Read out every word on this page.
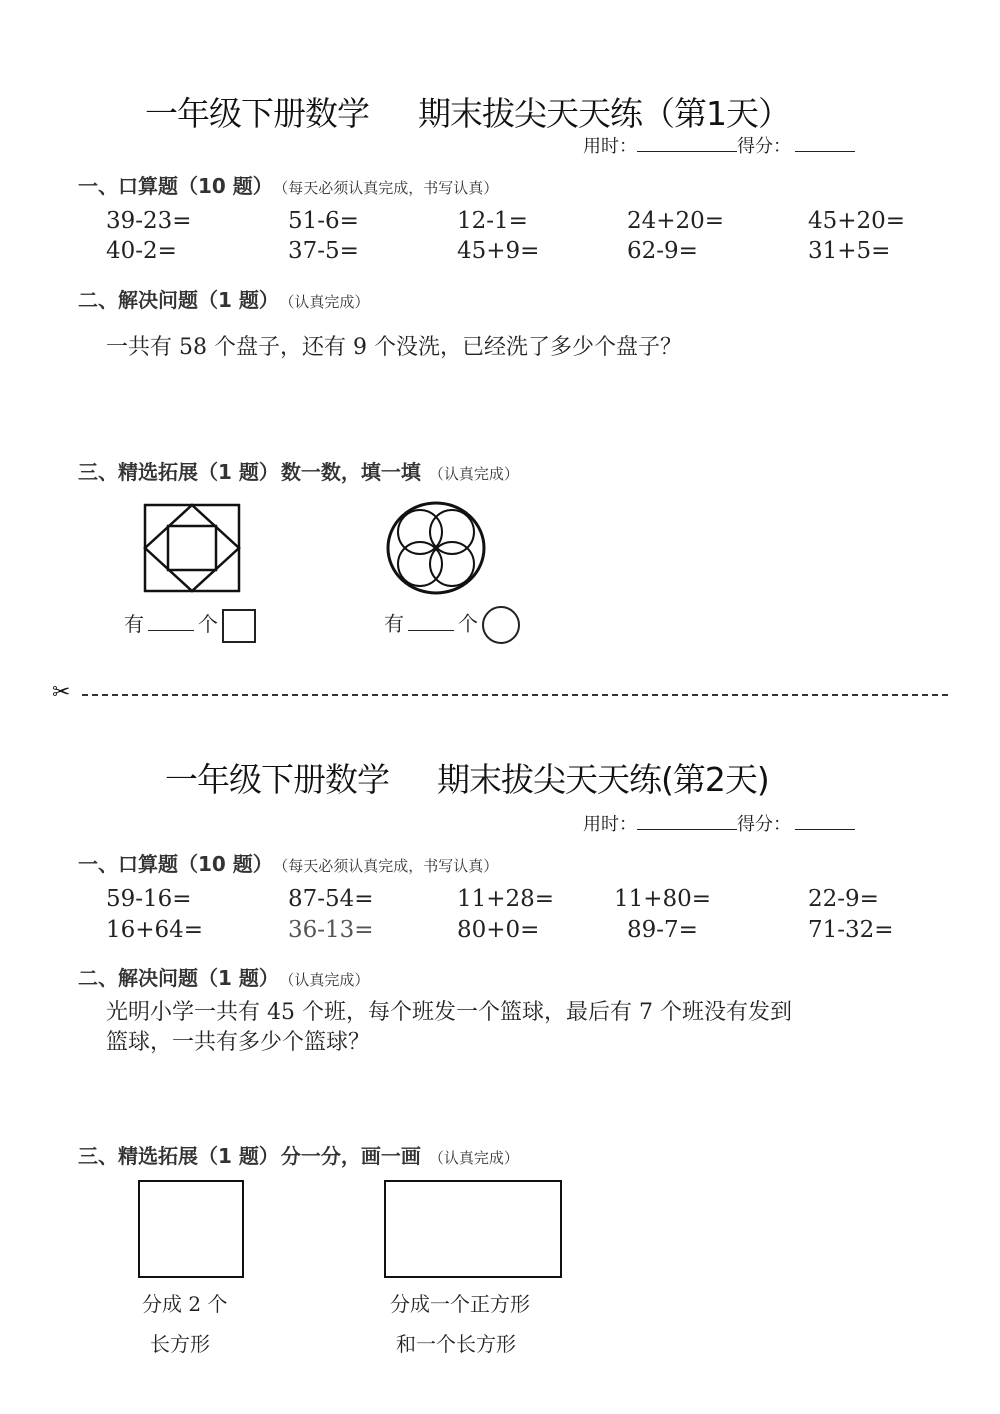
一年级下册数学 期末拔尖天天练（第1天）
用时：	得分：
一、口算题（10 题） （每天必须认真完成，书写认真）
39-23=	51-6=	12-1=	24+20=	45+20=
40-2=	37-5=	45+9=	62-9=	31+5=
二、解决问题（1 题） （认真完成）
一共有 58 个盘子，还有 9 个没洗，已经洗了多少个盘子？
三、精选拓展（1 题） 数一数，填一填 （认真完成）
有	个	有	个
✂
一年级下册数学 期末拔尖天天练(第2天)
用时：	得分：
一、口算题（10 题） （每天必须认真完成，书写认真）
59-16=	87-54=	11+28=	11+80=	22-9=
16+64=	36-13=	80+0=	89-7=	71-32=
二、解决问题（1 题） （认真完成）
光明小学一共有 45 个班，每个班发一个篮球，最后有 7 个班没有发到
篮球，一共有多少个篮球？
三、精选拓展（1 题） 分一分，画一画 （认真完成）
分成 2 个
长方形
分成一个正方形
和一个长方形
